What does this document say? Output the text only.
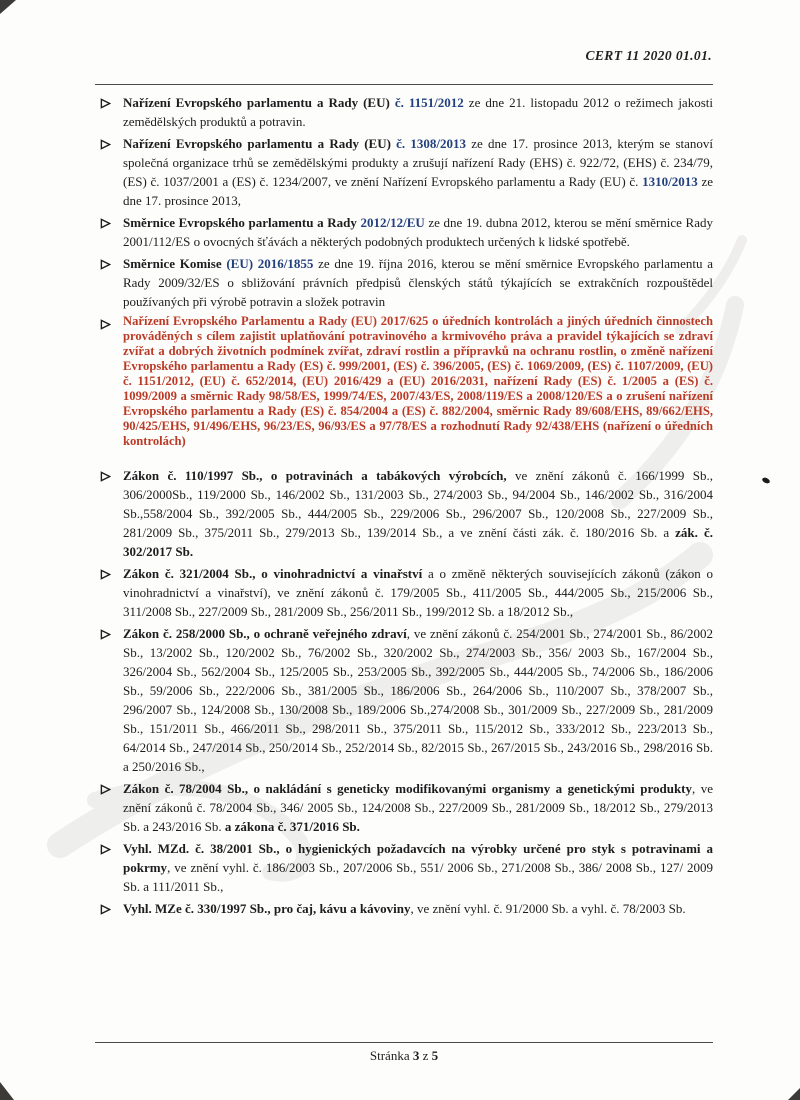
CERT 11 2020 01.01.
Nařízení Evropského parlamentu a Rady (EU) č. 1151/2012 ze dne 21. listopadu 2012 o režimech jakosti zemědělských produktů a potravin.
Nařízení Evropského parlamentu a Rady (EU) č. 1308/2013 ze dne 17. prosince 2013, kterým se stanoví společná organizace trhů se zemědělskými produkty a zrušují nařízení Rady (EHS) č. 922/72, (EHS) č. 234/79, (ES) č. 1037/2001 a (ES) č. 1234/2007, ve znění Nařízení Evropského parlamentu a Rady (EU) č. 1310/2013 ze dne 17. prosince 2013,
Směrnice Evropského parlamentu a Rady 2012/12/EU ze dne 19. dubna 2012, kterou se mění směrnice Rady 2001/112/ES o ovocných šťávách a některých podobných produktech určených k lidské spotřebě.
Směrnice Komise (EU) 2016/1855 ze dne 19. října 2016, kterou se mění směrnice Evropského parlamentu a Rady 2009/32/ES o sbližování právních předpisů členských států týkajících se extrakčních rozpouštědel používaných při výrobě potravin a složek potravin
Nařízení Evropského Parlamentu a Rady (EU) 2017/625 o úředních kontrolách a jiných úředních činnostech prováděných s cílem zajistit uplatňování potravinového a krmivového práva a pravidel týkajících se zdraví zvířat a dobrých životních podmínek zvířat, zdraví rostlin a přípravků na ochranu rostlin, o změně nařízení Evropského parlamentu a Rady (ES) č. 999/2001, (ES) č. 396/2005, (ES) č. 1069/2009, (ES) č. 1107/2009, (EU) č. 1151/2012, (EU) č. 652/2014, (EU) 2016/429 a (EU) 2016/2031, nařízení Rady (ES) č. 1/2005 a (ES) č. 1099/2009 a směrnic Rady 98/58/ES, 1999/74/ES, 2007/43/ES, 2008/119/ES a 2008/120/ES a o zrušení nařízení Evropského parlamentu a Rady (ES) č. 854/2004 a (ES) č. 882/2004, směrnic Rady 89/608/EHS, 89/662/EHS, 90/425/EHS, 91/496/EHS, 96/23/ES, 96/93/ES a 97/78/ES a rozhodnutí Rady 92/438/EHS (nařízení o úředních kontrolách)
Zákon č. 110/1997 Sb., o potravinách a tabákových výrobcích, ve znění zákonů č. 166/1999 Sb., 306/2000Sb., 119/2000 Sb., 146/2002 Sb., 131/2003 Sb., 274/2003 Sb., 94/2004 Sb., 146/2002 Sb., 316/2004 Sb.,558/2004 Sb., 392/2005 Sb., 444/2005 Sb., 229/2006 Sb., 296/2007 Sb., 120/2008 Sb., 227/2009 Sb., 281/2009 Sb., 375/2011 Sb., 279/2013 Sb., 139/2014 Sb., a ve znění části zák. č. 180/2016 Sb. a zák. č. 302/2017 Sb.
Zákon č. 321/2004 Sb., o vinohradnictví a vinařství a o změně některých souvisejících zákonů (zákon o vinohradnictví a vinařství), ve znění zákonů č. 179/2005 Sb., 411/2005 Sb., 444/2005 Sb., 215/2006 Sb., 311/2008 Sb., 227/2009 Sb., 281/2009 Sb., 256/2011 Sb., 199/2012 Sb. a 18/2012 Sb.,
Zákon č. 258/2000 Sb., o ochraně veřejného zdraví, ve znění zákonů č. 254/2001 Sb., 274/2001 Sb., 86/2002 Sb., 13/2002 Sb., 120/2002 Sb., 76/2002 Sb., 320/2002 Sb., 274/2003 Sb., 356/ 2003 Sb., 167/2004 Sb., 326/2004 Sb., 562/2004 Sb., 125/2005 Sb., 253/2005 Sb., 392/2005 Sb., 444/2005 Sb., 74/2006 Sb., 186/2006 Sb., 59/2006 Sb., 222/2006 Sb., 381/2005 Sb., 186/2006 Sb., 264/2006 Sb., 110/2007 Sb., 378/2007 Sb., 296/2007 Sb., 124/2008 Sb., 130/2008 Sb., 189/2006 Sb.,274/2008 Sb., 301/2009 Sb., 227/2009 Sb., 281/2009 Sb., 151/2011 Sb., 466/2011 Sb., 298/2011 Sb., 375/2011 Sb., 115/2012 Sb., 333/2012 Sb., 223/2013 Sb., 64/2014 Sb., 247/2014 Sb., 250/2014 Sb., 252/2014 Sb., 82/2015 Sb., 267/2015 Sb., 243/2016 Sb., 298/2016 Sb. a 250/2016 Sb.,
Zákon č. 78/2004 Sb., o nakládání s geneticky modifikovanými organismy a genetickými produkty, ve znění zákonů č. 78/2004 Sb., 346/ 2005 Sb., 124/2008 Sb., 227/2009 Sb., 281/2009 Sb., 18/2012 Sb., 279/2013 Sb. a 243/2016 Sb. a zákona č. 371/2016 Sb.
Vyhl. MZd. č. 38/2001 Sb., o hygienických požadavcích na výrobky určené pro styk s potravinami a pokrmy, ve znění vyhl. č. 186/2003 Sb., 207/2006 Sb., 551/ 2006 Sb., 271/2008 Sb., 386/ 2008 Sb., 127/ 2009 Sb. a 111/2011 Sb.,
Vyhl. MZe č. 330/1997 Sb., pro čaj, kávu a kávoviny, ve znění vyhl. č. 91/2000 Sb. a vyhl. č. 78/2003 Sb.
Stránka 3 z 5
